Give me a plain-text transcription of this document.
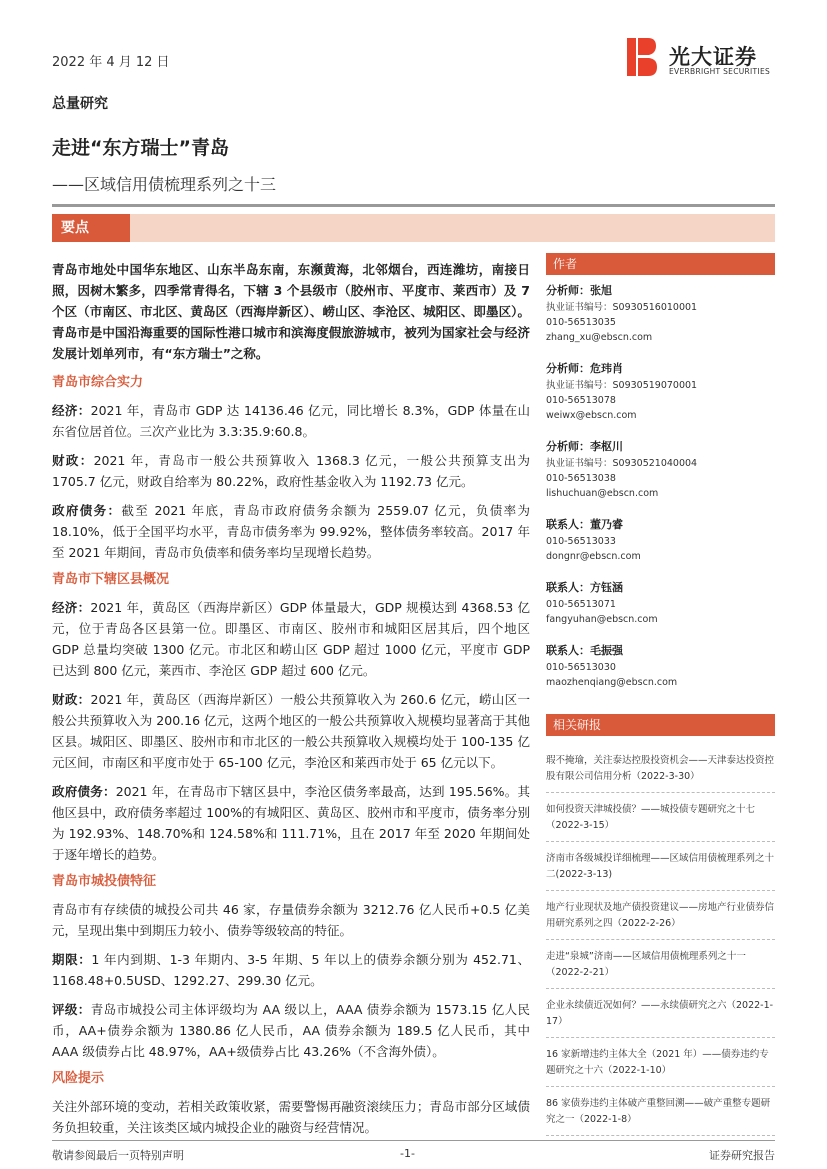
2022 年 4 月 12 日	光大证券
EVERBRIGHT SECURITIES
总量研究
走进“东方瑞士”青岛
——区域信用债梳理系列之十三
要点

青岛市地处中国华东地区、山东半岛东南，东濒黄海，北邻烟台，西连潍坊，南接日照，因树木繁多，四季常青得名，下辖 3 个县级市（胶州市、平度市、莱西市）及 7 个区（市南区、市北区、黄岛区（西海岸新区）、崂山区、李沧区、城阳区、即墨区）。青岛市是中国沿海重要的国际性港口城市和滨海度假旅游城市，被列为国家社会与经济发展计划单列市，有“东方瑞士”之称。

青岛市综合实力

经济：2021 年，青岛市 GDP 达 14136.46 亿元，同比增长 8.3%，GDP 体量在山东省位居首位。三次产业比为 3.3:35.9:60.8。

财政：2021 年，青岛市一般公共预算收入 1368.3 亿元，一般公共预算支出为 1705.7 亿元，财政自给率为 80.22%，政府性基金收入为 1192.73 亿元。

政府债务：截至 2021 年底，青岛市政府债务余额为 2559.07 亿元，负债率为 18.10%，低于全国平均水平，青岛市债务率为 99.92%，整体债务率较高。2017 年至 2021 年期间，青岛市负债率和债务率均呈现增长趋势。

青岛市下辖区县概况

经济：2021 年，黄岛区（西海岸新区）GDP 体量最大，GDP 规模达到 4368.53 亿元，位于青岛各区县第一位。即墨区、市南区、胶州市和城阳区居其后，四个地区 GDP 总量均突破 1300 亿元。市北区和崂山区 GDP 超过 1000 亿元，平度市 GDP 已达到 800 亿元，莱西市、李沧区 GDP 超过 600 亿元。

财政：2021 年，黄岛区（西海岸新区）一般公共预算收入为 260.6 亿元，崂山区一般公共预算收入为 200.16 亿元，这两个地区的一般公共预算收入规模均显著高于其他区县。城阳区、即墨区、胶州市和市北区的一般公共预算收入规模均处于 100-135 亿元区间，市南区和平度市处于 65-100 亿元，李沧区和莱西市处于 65 亿元以下。

政府债务：2021 年，在青岛市下辖区县中，李沧区债务率最高，达到 195.56%。其他区县中，政府债务率超过 100%的有城阳区、黄岛区、胶州市和平度市，债务率分别为 192.93%、148.70%和 124.58%和 111.71%，且在 2017 年至 2020 年期间处于逐年增长的趋势。

青岛市城投债特征

青岛市有存续债的城投公司共 46 家，存量债券余额为 3212.76 亿人民币+0.5 亿美元，呈现出集中到期压力较小、债券等级较高的特征。

期限：1 年内到期、1-3 年期内、3-5 年期、5 年以上的债券余额分别为 452.71、1168.48+0.5USD、1292.27、299.30 亿元。

评级：青岛市城投公司主体评级均为 AA 级以上，AAA 债券余额为 1573.15 亿人民币，AA+债券余额为 1380.86 亿人民币，AA 债券余额为 189.5 亿人民币，其中 AAA 级债券占比 48.97%，AA+级债券占比 43.26%（不含海外债）。

风险提示

关注外部环境的变动，若相关政策收紧，需要警惕再融资滚续压力；青岛市部分区域债务负担较重，关注该类区域内城投企业的融资与经营情况。

作者
分析师：张旭
执业证书编号：S0930516010001
010-56513035
zhang_xu@ebscn.com
分析师：危玮肖
执业证书编号：S0930519070001
010-56513078
weiwx@ebscn.com
分析师：李枢川
执业证书编号：S0930521040004
010-56513038
lishuchuan@ebscn.com
联系人：董乃睿
010-56513033
dongnr@ebscn.com
联系人：方钰涵
010-56513071
fangyuhan@ebscn.com
联系人：毛振强
010-56513030
maozhenqiang@ebscn.com
相关研报
瑕不掩瑜，关注泰达控股投资机会——天津泰达投资控股有限公司信用分析（2022-3-30）
如何投资天津城投债？——城投债专题研究之十七（2022-3-15）
济南市各级城投详细梳理——区域信用债梳理系列之十二(2022-3-13)
地产行业现状及地产债投资建议——房地产行业债券信用研究系列之四（2022-2-26）
走进“泉城”济南——区域信用债梳理系列之十一（2022-2-21）
企业永续债近况如何？——永续债研究之六（2022-1-17）
16 家新增违约主体大全（2021 年）——债券违约专题研究之十六（2022-1-10）
86 家债券违约主体破产重整回溯——破产重整专题研究之一（2022-1-8）
敬请参阅最后一页特别声明	-1-	证券研究报告
